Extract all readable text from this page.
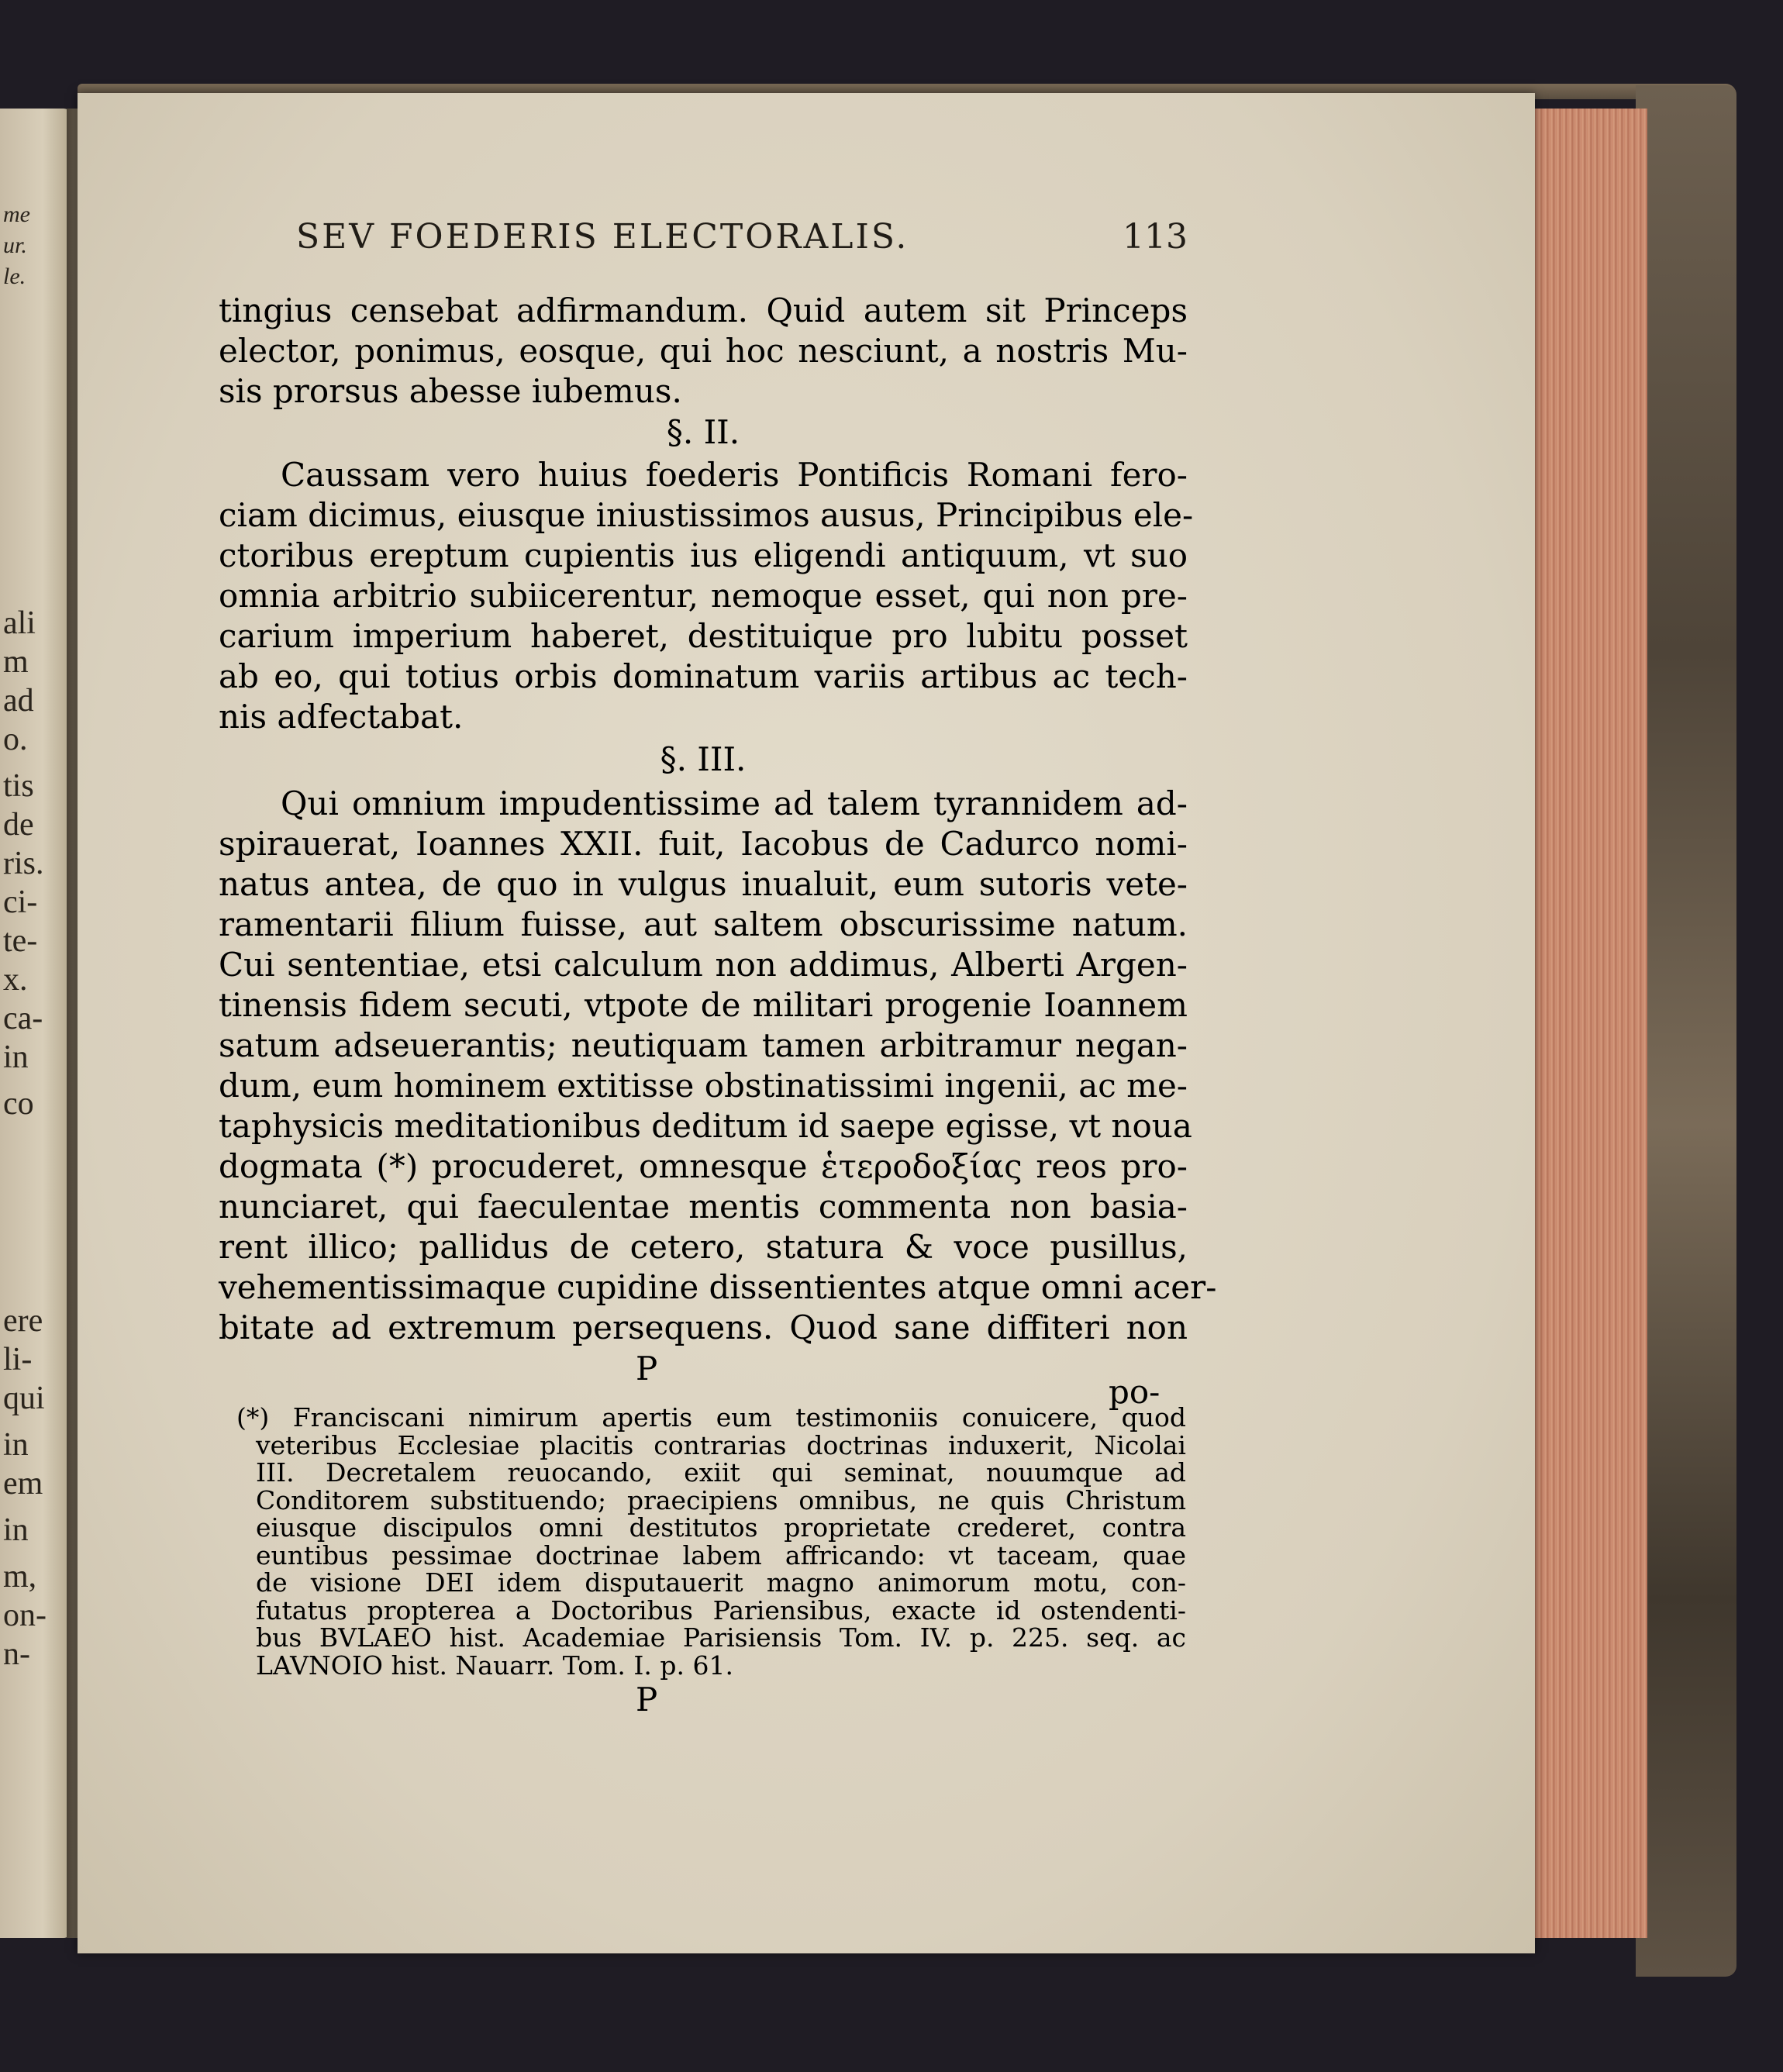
me
ur.
le.
ali
m
ad
o.
tis
de
ris.
ci-
te-
x.
ca-
in
co
ere
li-
qui
in
em
in
m,
on-
n-
SEV FOEDERIS ELECTORALIS.	113
tingius censebat adfirmandum. Quid autem sit Princeps
elector, ponimus, eosque, qui hoc nesciunt, a nostris Mu-
sis prorsus abesse iubemus.
§. II.
Caussam vero huius foederis Pontificis Romani fero-
ciam dicimus, eiusque iniustissimos ausus, Principibus ele-
ctoribus ereptum cupientis ius eligendi antiquum, vt suo
omnia arbitrio subiicerentur, nemoque esset, qui non pre-
carium imperium haberet, destituique pro lubitu posset
ab eo, qui totius orbis dominatum variis artibus ac tech-
nis adfectabat.
§. III.
Qui omnium impudentissime ad talem tyrannidem ad-
spirauerat, Ioannes XXII. fuit, Iacobus de Cadurco nomi-
natus antea, de quo in vulgus inualuit, eum sutoris vete-
ramentarii filium fuisse, aut saltem obscurissime natum.
Cui sententiae, etsi calculum non addimus, Alberti Argen-
tinensis fidem secuti, vtpote de militari progenie Ioannem
satum adseuerantis; neutiquam tamen arbitramur negan-
dum, eum hominem extitisse obstinatissimi ingenii, ac me-
taphysicis meditationibus deditum id saepe egisse, vt noua
dogmata (*) procuderet, omnesque ἑτεροδοξίας reos pro-
nunciaret, qui faeculentae mentis commenta non basia-
rent illico; pallidus de cetero, statura & voce pusillus,
vehementissimaque cupidine dissentientes atque omni acer-
bitate ad extremum persequens. Quod sane diffiteri non
P
po-
(*) Franciscani nimirum apertis eum testimoniis conuicere, quod
veteribus Ecclesiae placitis contrarias doctrinas induxerit, Nicolai
III. Decretalem reuocando, exiit qui seminat, nouumque ad
Conditorem substituendo; praecipiens omnibus, ne quis Christum
eiusque discipulos omni destitutos proprietate crederet, contra
euntibus pessimae doctrinae labem affricando: vt taceam, quae
de visione DEI idem disputauerit magno animorum motu, con-
futatus propterea a Doctoribus Pariensibus, exacte id ostendenti-
bus BVLAEO hist. Academiae Parisiensis Tom. IV. p. 225. seq. ac
LAVNOIO hist. Nauarr. Tom. I. p. 61.
P
